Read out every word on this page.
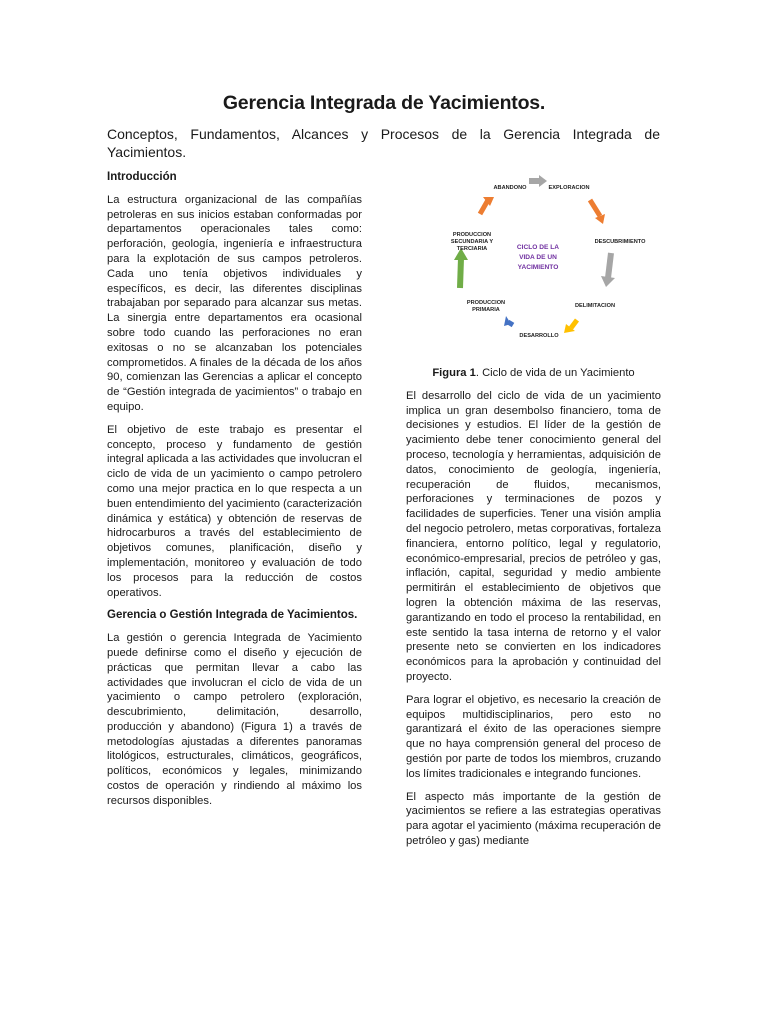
Gerencia Integrada de Yacimientos.
Conceptos, Fundamentos, Alcances y Procesos de la Gerencia Integrada de Yacimientos.
Introducción

La estructura organizacional de las compañías petroleras en sus inicios estaban conformadas por departamentos operacionales tales como: perforación, geología, ingeniería e infraestructura para la explotación de sus campos petroleros. Cada uno tenía objetivos individuales y específicos, es decir, las diferentes disciplinas trabajaban por separado para alcanzar sus metas. La sinergia entre departamentos era ocasional sobre todo cuando las perforaciones no eran exitosas o no se alcanzaban los potenciales comprometidos. A finales de la década de los años 90, comienzan las Gerencias a aplicar el concepto de “Gestión integrada de yacimientos” o trabajo en equipo.

El objetivo de este trabajo es presentar el concepto, proceso y fundamento de gestión integral aplicada a las actividades que involucran el ciclo de vida de un yacimiento o campo petrolero como una mejor practica en lo que respecta a un buen entendimiento del yacimiento (caracterización dinámica y estática) y obtención de reservas de hidrocarburos a través del establecimiento de objetivos comunes, planificación, diseño y implementación, monitoreo y evaluación de todo los procesos para la reducción de costos operativos.

Gerencia o Gestión Integrada de Yacimientos.

La gestión o gerencia Integrada de Yacimiento puede definirse como el diseño y ejecución de prácticas que permitan llevar a cabo las actividades que involucran el ciclo de vida de un yacimiento o campo petrolero (exploración, descubrimiento, delimitación, desarrollo, producción y abandono) (Figura 1) a través de metodologías ajustadas a diferentes panoramas litológicos, estructurales, climáticos, geográficos, políticos, económicos y legales, minimizando costos de operación y rindiendo al máximo los recursos disponibles.

CICLO DE LA
VIDA DE UN
YACIMIENTO
ABANDONO	EXPLORACION
DESCUBRIMIENTO
DELIMITACION
DESARROLLO
PRODUCCION
PRIMARIA
PRODUCCION
SECUNDARIA Y
TERCIARIA

Figura 1. Ciclo de vida de un Yacimiento

El desarrollo del ciclo de vida de un yacimiento implica un gran desembolso financiero, toma de decisiones y estudios. El líder de la gestión de yacimiento debe tener conocimiento general del proceso, tecnología y herramientas, adquisición de datos, conocimiento de geología, ingeniería, recuperación de fluidos, mecanismos, perforaciones y terminaciones de pozos y facilidades de superficies. Tener una visión amplia del negocio petrolero, metas corporativas, fortaleza financiera, entorno político, legal y regulatorio, económico-empresarial, precios de petróleo y gas, inflación, capital, seguridad y medio ambiente permitirán el establecimiento de objetivos que logren la obtención máxima de las reservas, garantizando en todo el proceso la rentabilidad, en este sentido la tasa interna de retorno y el valor presente neto se convierten en los indicadores económicos para la aprobación y continuidad del proyecto.

Para lograr el objetivo, es necesario la creación de equipos multidisciplinarios, pero esto no garantizará el éxito de las operaciones siempre que no haya comprensión general del proceso de gestión por parte de todos los miembros, cruzando los límites tradicionales e integrando funciones.

El aspecto más importante de la gestión de yacimientos se refiere a las estrategias operativas para agotar el yacimiento (máxima recuperación de petróleo y gas) mediante
